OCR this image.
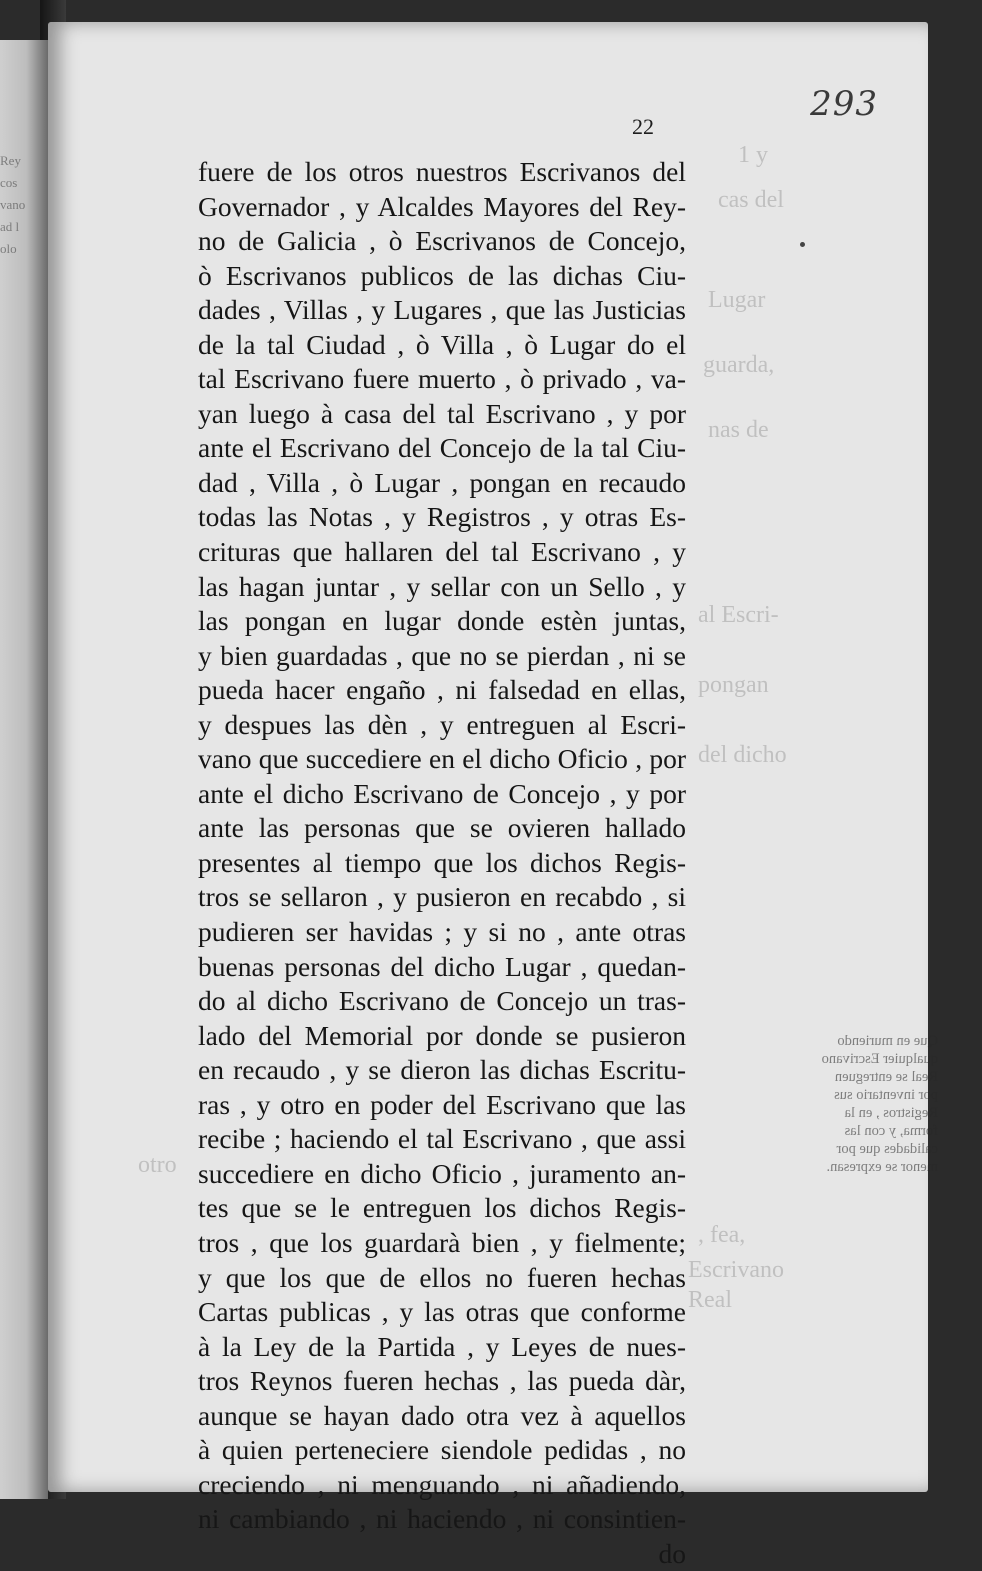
Rey
cos
vano
ad l
olo
1 y
cas del
Lugar
guarda,
nas de
al Escri-
pongan
del dicho
, fea,
otro
Escrivano
Real
293
22
fuere de los otros nuestros Escrivanos del
Governador , y Alcaldes Mayores del Rey-
no de Galicia , ò Escrivanos de Concejo,
ò Escrivanos publicos de las dichas Ciu-
dades , Villas , y Lugares , que las Justicias
de la tal Ciudad , ò Villa , ò Lugar do el
tal Escrivano fuere muerto , ò privado , va-
yan luego à casa del tal Escrivano , y por
ante el Escrivano del Concejo de la tal Ciu-
dad , Villa , ò Lugar , pongan en recaudo
todas las Notas , y Registros , y otras Es-
crituras que hallaren del tal Escrivano , y
las hagan juntar , y sellar con un Sello , y
las pongan en lugar donde estèn juntas,
y bien guardadas , que no se pierdan , ni se
pueda hacer engaño , ni falsedad en ellas,
y despues las dèn , y entreguen al Escri-
vano que succediere en el dicho Oficio , por
ante el dicho Escrivano de Concejo , y por
ante las personas que se ovieren hallado
presentes al tiempo que los dichos Regis-
tros se sellaron , y pusieron en recabdo , si
pudieren ser havidas ; y si no , ante otras
buenas personas del dicho Lugar , quedan-
do al dicho Escrivano de Concejo un tras-
lado del Memorial por donde se pusieron
en recaudo , y se dieron las dichas Escritu-
ras , y otro en poder del Escrivano que las
recibe ; haciendo el tal Escrivano , que assi
succediere en dicho Oficio , juramento an-
tes que se le entreguen los dichos Regis-
tros , que los guardarà bien , y fielmente;
y que los que de ellos no fueren hechas
Cartas publicas , y las otras que conforme
à la Ley de la Partida , y Leyes de nues-
tros Reynos fueren hechas , las pueda dàr,
aunque se hayan dado otra vez à aquellos
à quien perteneciere siendole pedidas , no
creciendo , ni menguando , ni añadiendo,
ni cambiando , ni haciendo , ni consintien-
do
Que en muriendo qualquier Escrivano Real se entreguen por inventario sus Registros , en la forma, y con las calidades que por menor se expresan.
